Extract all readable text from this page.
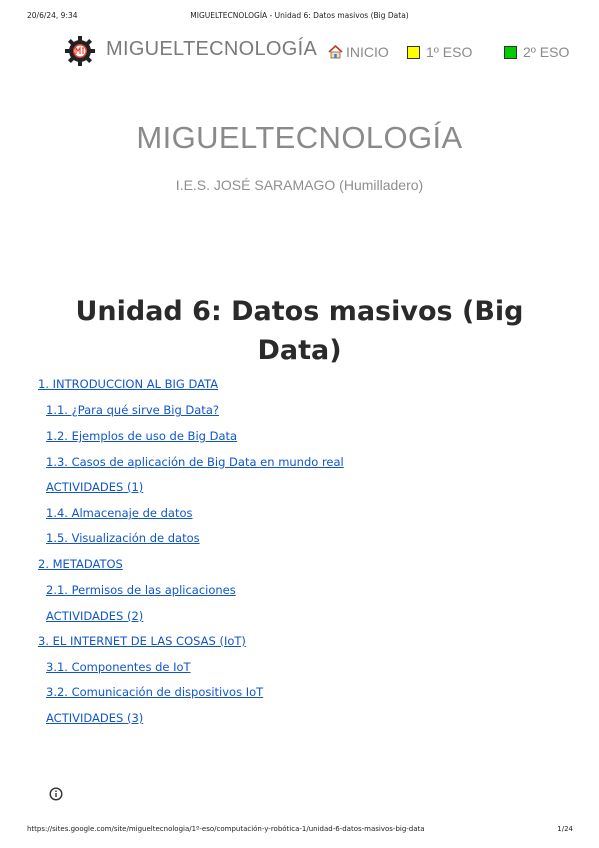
20/6/24, 9:34	MIGUELTECNOLOGÍA - Unidad 6: Datos masivos (Big Data)
MIGUELTECNOLOGÍA INICIO	1º ESO	2º ESO
MIGUELTECNOLOGÍA
I.E.S. JOSÉ SARAMAGO (Humilladero)
Unidad 6: Datos masivos (Big Data)
1. INTRODUCCION AL BIG DATA
1.1. ¿Para qué sirve Big Data?
1.2. Ejemplos de uso de Big Data
1.3. Casos de aplicación de Big Data en mundo real
ACTIVIDADES (1)
1.4. Almacenaje de datos
1.5. Visualización de datos
2. METADATOS
2.1. Permisos de las aplicaciones
ACTIVIDADES (2)
3. EL INTERNET DE LAS COSAS (IoT)
3.1. Componentes de IoT
3.2. Comunicación de dispositivos IoT
ACTIVIDADES (3)
https://sites.google.com/site/migueltecnologia/1º-eso/computación-y-robótica-1/unidad-6-datos-masivos-big-data	1/24
